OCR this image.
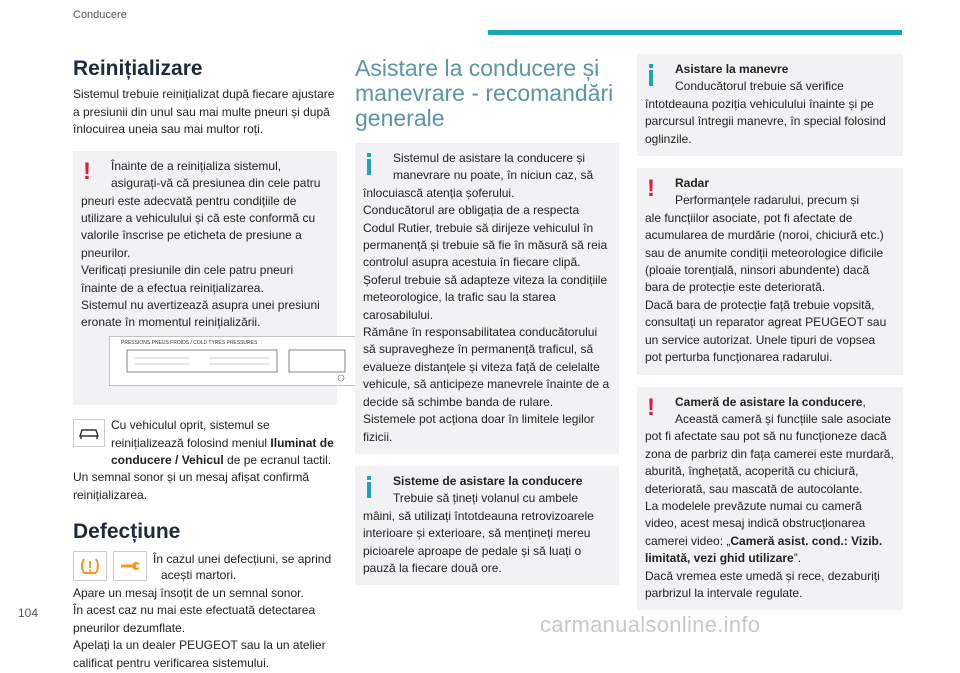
Conducere
Reinițializare

Sistemul trebuie reinițializat după fiecare ajustare a presiunii din unul sau mai multe pneuri și după înlocuirea uneia sau mai multor roți.

!	Înainte de a reinițializa sistemul,
asigurați-vă că presiunea din cele patru pneuri este adecvată pentru condițiile de utilizare a vehiculului și că este conformă cu valorile înscrise pe eticheta de presiune a pneurilor.
Verificați presiunile din cele patru pneuri înainte de a efectua reinițializarea.
Sistemul nu avertizează asupra unei presiuni eronate în momentul reinițializării.
PRESSIONS PNEUS FROIDS / COLD TYRES PRESSURES
Cu vehiculul oprit, sistemul se reinițializează folosind meniul Iluminat de conducere / Vehicul de pe ecranul tactil.

Un semnal sonor și un mesaj afișat confirmă reinițializarea.

Defecțiune
În cazul unei defecțiuni, se aprind
acești martori.

Apare un mesaj însoțit de un semnal sonor.

În acest caz nu mai este efectuată detectarea pneurilor dezumflate.

Apelați la un dealer PEUGEOT sau la un atelier calificat pentru verificarea sistemului.

Asistare la conducere și manevrare - recomandări generale
Sistemul de asistare la conducere și
manevrare nu poate, în niciun caz, să înlocuiască atenția șoferului.
Conducătorul are obligația de a respecta Codul Rutier, trebuie să dirijeze vehiculul în permanență și trebuie să fie în măsură să reia controlul asupra acestuia în fiecare clipă. Șoferul trebuie să adapteze viteza la condițiile meteorologice, la trafic sau la starea carosabilului.
Rămâne în responsabilitatea conducătorului să supravegheze în permanență traficul, să evalueze distanțele și viteza față de celelalte vehicule, să anticipeze manevrele înainte de a decide să schimbe banda de rulare.
Sistemele pot acționa doar în limitele legilor fizicii.
Sisteme de asistare la conducere
Trebuie să țineți volanul cu ambele
mâini, să utilizați întotdeauna retrovizoarele interioare și exterioare, să mențineți mereu picioarele aproape de pedale și să luați o pauză la fiecare două ore.
Asistare la manevre
Conducătorul trebuie să verifice
întotdeauna poziția vehiculului înainte și pe parcursul întregii manevre, în special folosind oglinzile.
!	Radar
Performanțele radarului, precum și
ale funcțiilor asociate, pot fi afectate de acumularea de murdărie (noroi, chiciură etc.) sau de anumite condiții meteorologice dificile (ploaie torențială, ninsori abundente) dacă bara de protecție este deteriorată.
Dacă bara de protecție față trebuie vopsită, consultați un reparator agreat PEUGEOT sau un service autorizat. Unele tipuri de vopsea pot perturba funcționarea radarului.
!	Cameră de asistare la conducere,
Această cameră și funcțiile sale asociate
pot fi afectate sau pot să nu funcționeze dacă zona de parbriz din fața camerei este murdară, aburită, înghețată, acoperită cu chiciură, deteriorată, sau mascată de autocolante.
La modelele prevăzute numai cu cameră video, acest mesaj indică obstrucționarea camerei video: „Cameră asist. cond.: Vizib. limitată, vezi ghid utilizare”.
Dacă vremea este umedă și rece, dezaburiți parbrizul la intervale regulate.
104	carmanualsonline.info
